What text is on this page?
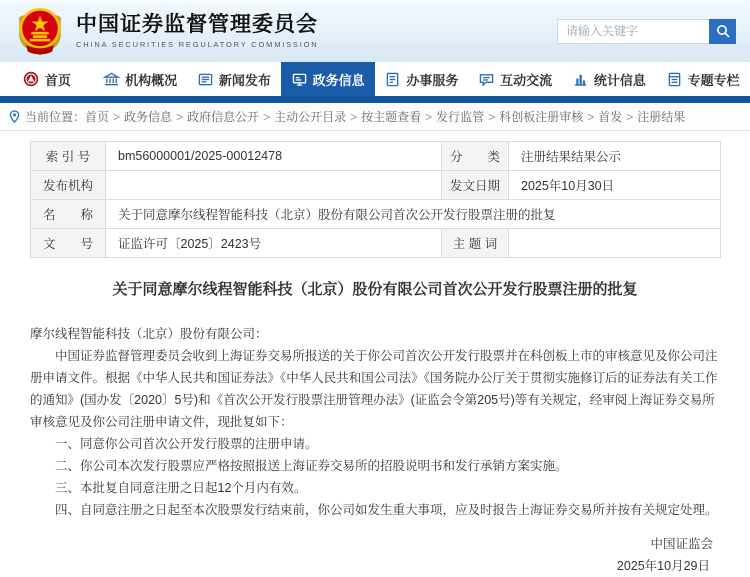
中国证券监督管理委员会
CHINA SECURITIES REGULATORY COMMISSION
请输入关键字
首页	机构概况	新闻发布	政务信息	办事服务	互动交流	统计信息	专题专栏
当前位置： 首页 > 政务信息 > 政府信息公开 > 主动公开目录 > 按主题查看 > 发行监管 > 科创板注册审核 > 首发 > 注册结果
索 引 号	bm56000001/2025-00012478	分　　类	注册结果结果公示
发布机构		发文日期	2025年10月30日
名　　称	关于同意摩尔线程智能科技（北京）股份有限公司首次公开发行股票注册的批复		
文　　号	证监许可〔2025〕2423号	主 题 词	
关于同意摩尔线程智能科技（北京）股份有限公司首次公开发行股票注册的批复
摩尔线程智能科技（北京）股份有限公司：
中国证券监督管理委员会收到上海证券交易所报送的关于你公司首次公开发行股票并在科创板上市的审核意见及你公司注册申请文件。根据《中华人民共和国证券法》《中华人民共和国公司法》《国务院办公厅关于贯彻实施修订后的证券法有关工作的通知》(国办发〔2020〕5号)和《首次公开发行股票注册管理办法》(证监会令第205号)等有关规定，经审阅上海证券交易所审核意见及你公司注册申请文件，现批复如下：
一、同意你公司首次公开发行股票的注册申请。
二、你公司本次发行股票应严格按照报送上海证券交易所的招股说明书和发行承销方案实施。
三、本批复自同意注册之日起12个月内有效。
四、自同意注册之日起至本次股票发行结束前，你公司如发生重大事项，应及时报告上海证券交易所并按有关规定处理。
中国证监会
2025年10月29日
